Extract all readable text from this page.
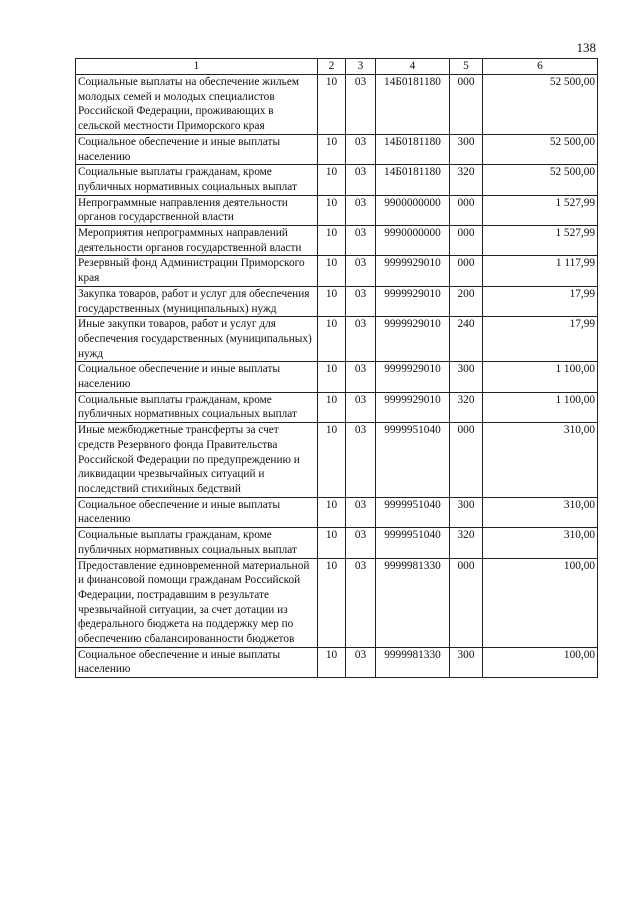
138
1	2	3	4	5	6
Социальные выплаты на обеспечение жильем молодых семей и молодых специалистов Российской Федерации, проживающих в сельской местности Приморского края	10	03	14Б0181180	000	52 500,00
Социальное обеспечение и иные выплаты населению	10	03	14Б0181180	300	52 500,00
Социальные выплаты гражданам, кроме публичных нормативных социальных выплат	10	03	14Б0181180	320	52 500,00
Непрограммные направления деятельности органов государственной власти	10	03	9900000000	000	1 527,99
Мероприятия непрограммных направлений деятельности органов государственной власти	10	03	9990000000	000	1 527,99
Резервный фонд Администрации Приморского края	10	03	9999929010	000	1 117,99
Закупка товаров, работ и услуг для обеспечения государственных (муниципальных) нужд	10	03	9999929010	200	17,99
Иные закупки товаров, работ и услуг для обеспечения государственных (муниципальных) нужд	10	03	9999929010	240	17,99
Социальное обеспечение и иные выплаты населению	10	03	9999929010	300	1 100,00
Социальные выплаты гражданам, кроме публичных нормативных социальных выплат	10	03	9999929010	320	1 100,00
Иные межбюджетные трансферты за счет средств Резервного фонда Правительства Российской Федерации по предупреждению и ликвидации чрезвычайных ситуаций и последствий стихийных бедствий	10	03	9999951040	000	310,00
Социальное обеспечение и иные выплаты населению	10	03	9999951040	300	310,00
Социальные выплаты гражданам, кроме публичных нормативных социальных выплат	10	03	9999951040	320	310,00
Предоставление единовременной материальной и финансовой помощи гражданам Российской Федерации, пострадавшим в результате чрезвычайной ситуации, за счет дотации из федерального бюджета на поддержку мер по обеспечению сбалансированности бюджетов	10	03	9999981330	000	100,00
Социальное обеспечение и иные выплаты населению	10	03	9999981330	300	100,00
